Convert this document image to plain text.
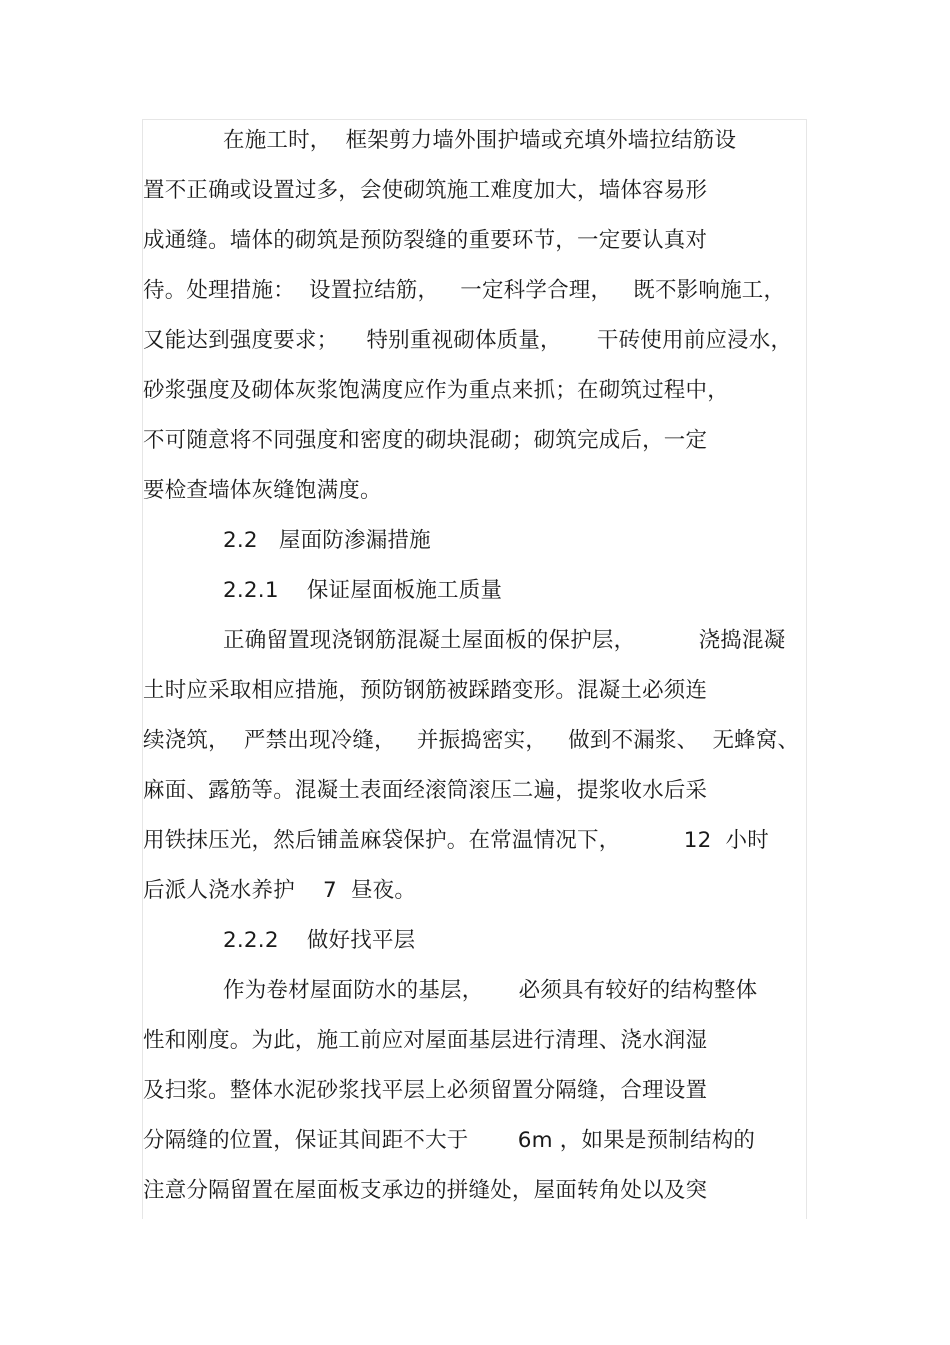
在施工时，  框架剪力墙外围护墙或充填外墙拉结筋设
置不正确或设置过多，会使砌筑施工难度加大，墙体容易形
成通缝。墙体的砌筑是预防裂缝的重要环节，一定要认真对
待。处理措施：  设置拉结筋，   一定科学合理，   既不影响施工，
又能达到强度要求；    特别重视砌体质量，     干砖使用前应浸水，
砂浆强度及砌体灰浆饱满度应作为重点来抓；在砌筑过程中，
不可随意将不同强度和密度的砌块混砌；砌筑完成后，一定
要检查墙体灰缝饱满度。
2.2   屋面防渗漏措施
2.2.1    保证屋面板施工质量
正确留置现浇钢筋混凝土屋面板的保护层，         浇捣混凝
土时应采取相应措施，预防钢筋被踩踏变形。混凝土必须连
续浇筑，  严禁出现冷缝，   并振捣密实，   做到不漏浆、  无蜂窝、
麻面、露筋等。混凝土表面经滚筒滚压二遍，提浆收水后采
用铁抹压光，然后铺盖麻袋保护。在常温情况下，         12  小时
后派人浇水养护    7  昼夜。
2.2.2    做好找平层
作为卷材屋面防水的基层，     必须具有较好的结构整体
性和刚度。为此，施工前应对屋面基层进行清理、浇水润湿
及扫浆。整体水泥砂浆找平层上必须留置分隔缝，合理设置
分隔缝的位置，保证其间距不大于       6m ，如果是预制结构的
注意分隔留置在屋面板支承边的拼缝处，屋面转角处以及突
